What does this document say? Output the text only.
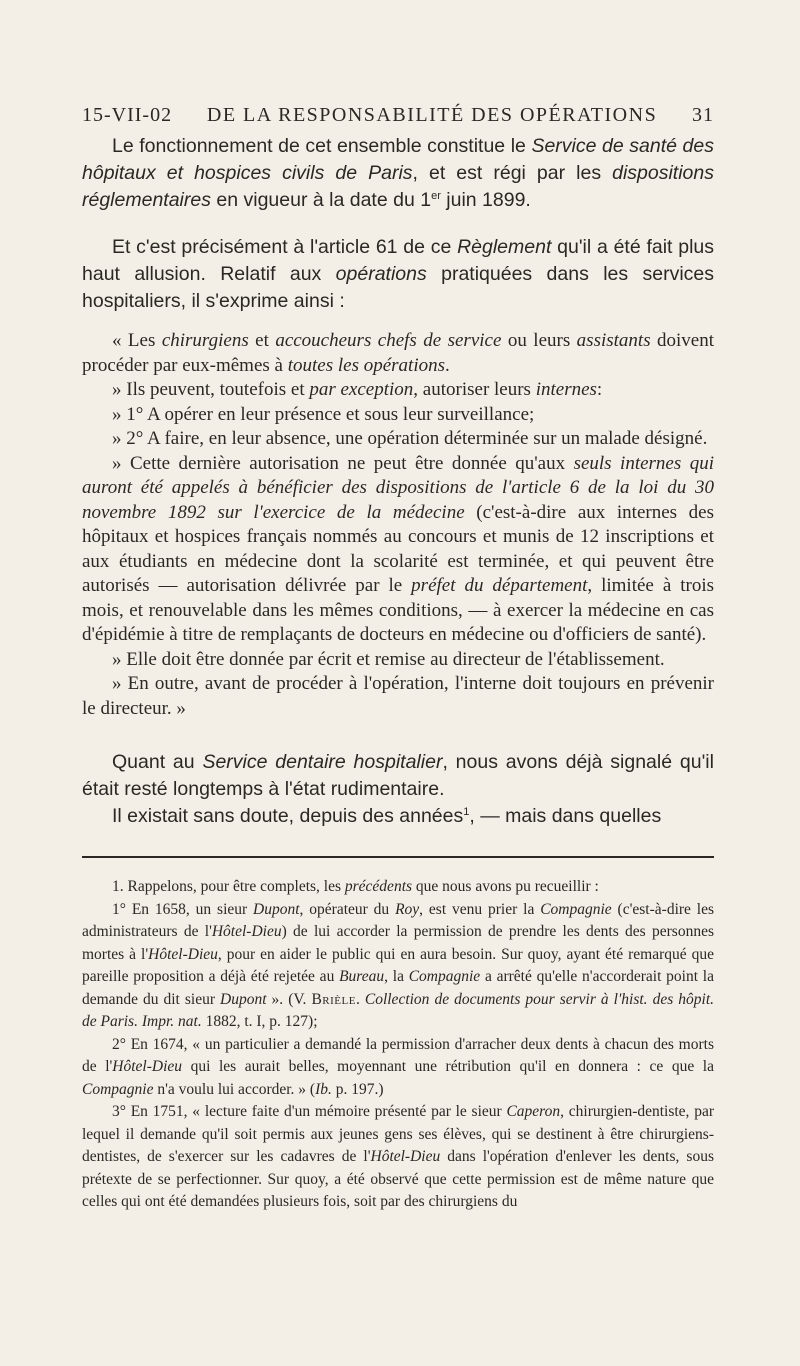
15-VII-02 DE LA RESPONSABILITÉ DES OPÉRATIONS 31

Le fonctionnement de cet ensemble constitue le Service de santé des hôpitaux et hospices civils de Paris, et est régi par les dispositions réglementaires en vigueur à la date du 1er juin 1899.

Et c'est précisément à l'article 61 de ce Règlement qu'il a été fait plus haut allusion. Relatif aux opérations pratiquées dans les services hospitaliers, il s'exprime ainsi :

« Les chirurgiens et accoucheurs chefs de service ou leurs assistants doivent procéder par eux-mêmes à toutes les opérations.

» Ils peuvent, toutefois et par exception, autoriser leurs internes:

» 1° A opérer en leur présence et sous leur surveillance;

» 2° A faire, en leur absence, une opération déterminée sur un malade désigné.

» Cette dernière autorisation ne peut être donnée qu'aux seuls internes qui auront été appelés à bénéficier des dispositions de l'article 6 de la loi du 30 novembre 1892 sur l'exercice de la médecine (c'est-à-dire aux internes des hôpitaux et hospices français nommés au concours et munis de 12 inscriptions et aux étudiants en médecine dont la scolarité est terminée, et qui peuvent être autorisés — autorisation délivrée par le préfet du département, limitée à trois mois, et renouvelable dans les mêmes conditions, — à exercer la médecine en cas d'épidémie à titre de remplaçants de docteurs en médecine ou d'officiers de santé).

» Elle doit être donnée par écrit et remise au directeur de l'établissement.

» En outre, avant de procéder à l'opération, l'interne doit toujours en prévenir le directeur. »

Quant au Service dentaire hospitalier, nous avons déjà signalé qu'il était resté longtemps à l'état rudimentaire.

Il existait sans doute, depuis des années$^1$, — mais dans quelles

1. Rappelons, pour être complets, les précédents que nous avons pu recueillir :

1° En 1658, un sieur Dupont, opérateur du Roy, est venu prier la Compagnie (c'est-à-dire les administrateurs de l'Hôtel-Dieu) de lui accorder la permission de prendre les dents des personnes mortes à l'Hôtel-Dieu, pour en aider le public qui en aura besoin. Sur quoy, ayant été remarqué que pareille proposition a déjà été rejetée au Bureau, la Compagnie a arrêté qu'elle n'accorderait point la demande du dit sieur Dupont ». (V. Brièle. Collection de documents pour servir à l'hist. des hôpit. de Paris. Impr. nat. 1882, t. I, p. 127);

2° En 1674, « un particulier a demandé la permission d'arracher deux dents à chacun des morts de l'Hôtel-Dieu qui les aurait belles, moyennant une rétribution qu'il en donnera : ce que la Compagnie n'a voulu lui accorder. » (Ib. p. 197.)

3° En 1751, « lecture faite d'un mémoire présenté par le sieur Caperon, chirurgien-dentiste, par lequel il demande qu'il soit permis aux jeunes gens ses élèves, qui se destinent à être chirurgiens-dentistes, de s'exercer sur les cadavres de l'Hôtel-Dieu dans l'opération d'enlever les dents, sous prétexte de se perfectionner. Sur quoy, a été observé que cette permission est de même nature que celles qui ont été demandées plusieurs fois, soit par des chirurgiens du
